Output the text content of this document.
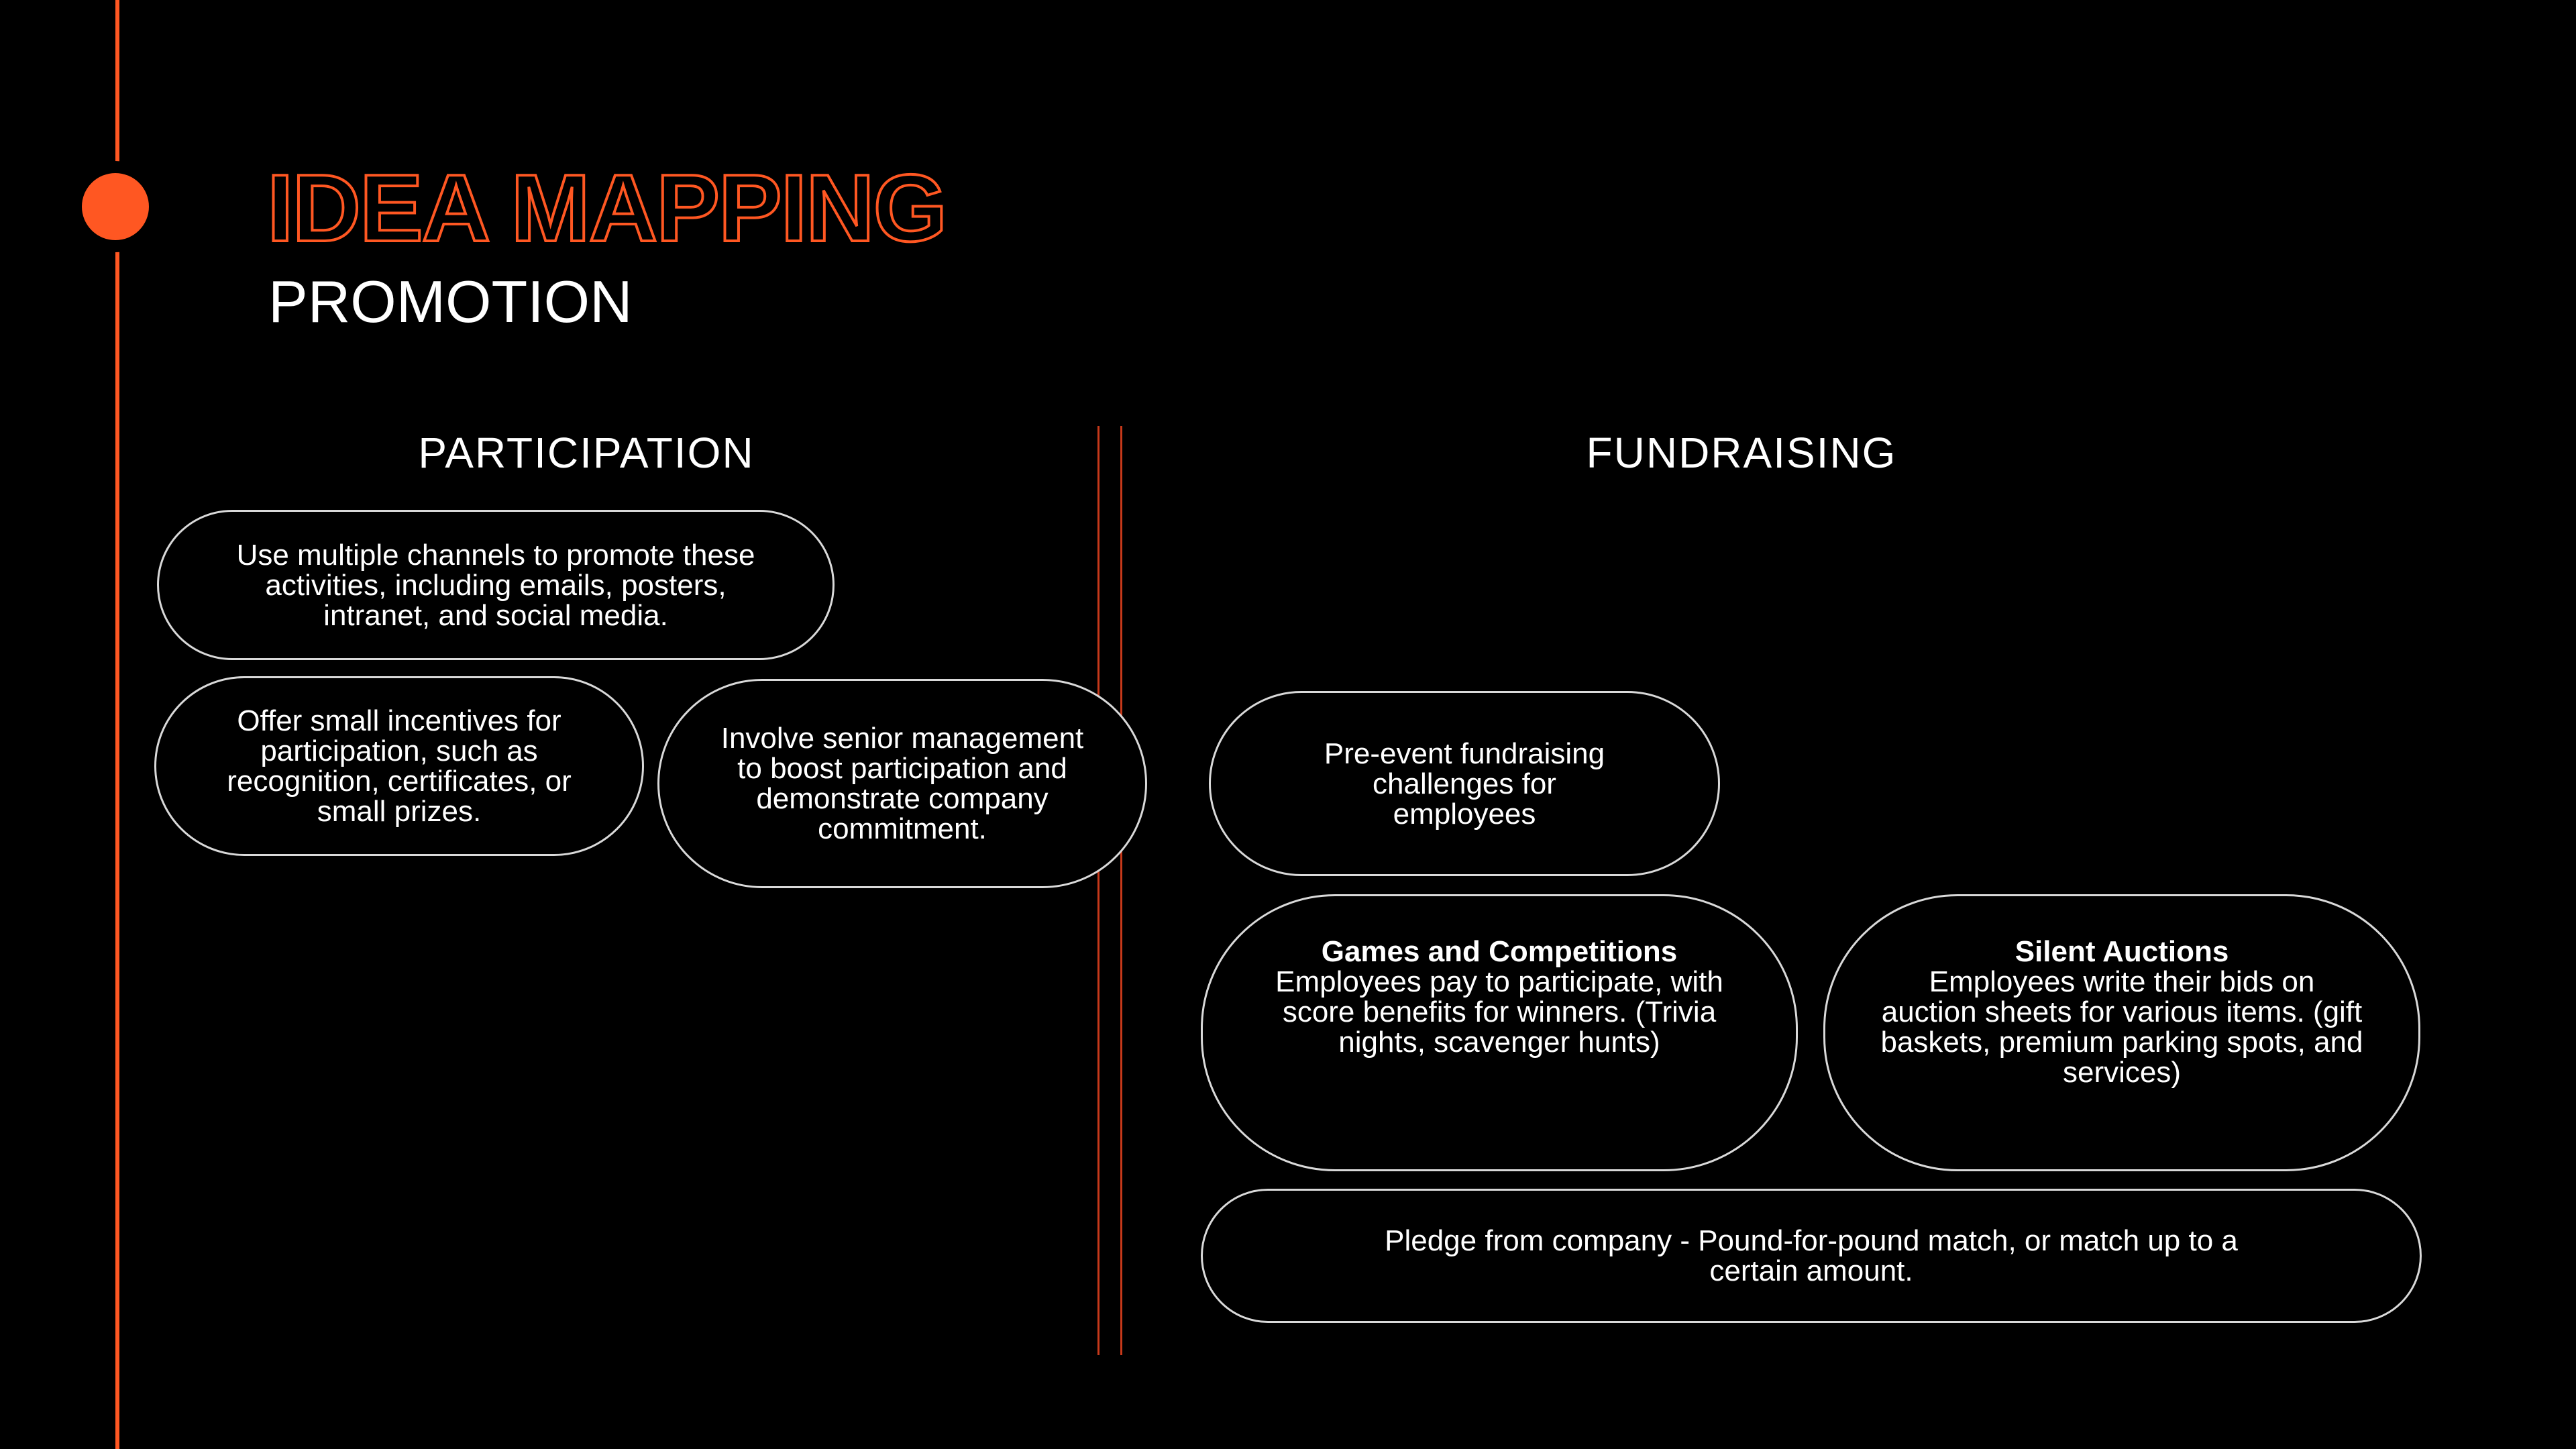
IDEA MAPPING
PROMOTION
PARTICIPATION	FUNDRAISING
Use multiple channels to promote these activities, including emails, posters, intranet, and social media.
Offer small incentives for participation, such as recognition, certificates, or small prizes.
Involve senior management to boost participation and demonstrate company commitment.
Pre-event fundraising challenges for employees
Games and Competitions
Employees pay to participate, with score benefits for winners. (Trivia nights, scavenger hunts)
Silent Auctions
Employees write their bids on auction sheets for various items. (gift baskets, premium parking spots, and services)
Pledge from company - Pound-for-pound match, or match up to a certain amount.
